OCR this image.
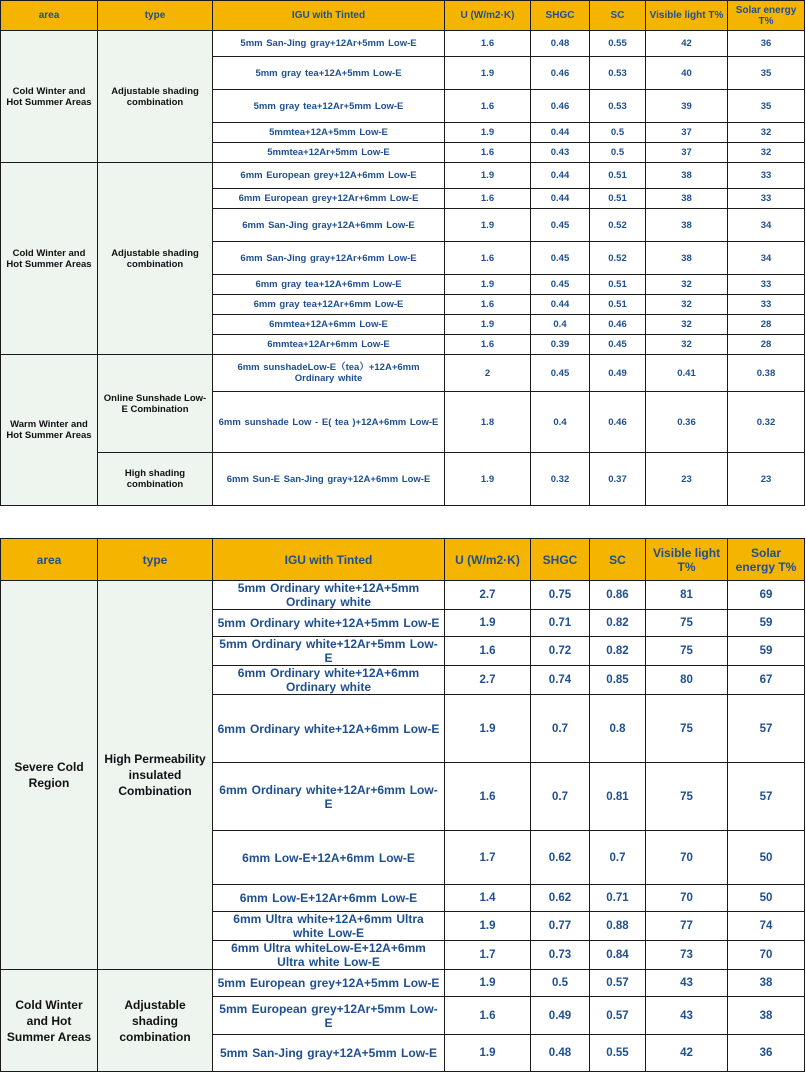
area	type	IGU with Tinted	U (W/m2·K)	SHGC	SC	Visible light T%	Solar energy T%
Cold Winter and Hot Summer Areas	Adjustable shading combination	5mm San-Jing gray+12Ar+5mm Low-E	1.6	0.48	0.55	42	36
		5mm gray tea+12A+5mm Low-E	1.9	0.46	0.53	40	35
		5mm gray tea+12Ar+5mm Low-E	1.6	0.46	0.53	39	35
		5mmtea+12A+5mm Low-E	1.9	0.44	0.5	37	32
		5mmtea+12Ar+5mm Low-E	1.6	0.43	0.5	37	32
Cold Winter and Hot Summer Areas	Adjustable shading combination	6mm European grey+12A+6mm Low-E	1.9	0.44	0.51	38	33
		6mm European grey+12Ar+6mm Low-E	1.6	0.44	0.51	38	33
		6mm San-Jing gray+12A+6mm Low-E	1.9	0.45	0.52	38	34
		6mm San-Jing gray+12Ar+6mm Low-E	1.6	0.45	0.52	38	34
		6mm gray tea+12A+6mm Low-E	1.9	0.45	0.51	32	33
		6mm gray tea+12Ar+6mm Low-E	1.6	0.44	0.51	32	33
		6mmtea+12A+6mm Low-E	1.9	0.4	0.46	32	28
		6mmtea+12Ar+6mm Low-E	1.6	0.39	0.45	32	28
Warm Winter and Hot Summer Areas	Online Sunshade Low-E Combination	6mm sunshadeLow-E（tea）+12A+6mm Ordinary white	2	0.45	0.49	0.41	0.38
		6mm sunshade Low - E( tea )+12A+6mm Low-E	1.8	0.4	0.46	0.36	0.32
	High shading combination	6mm Sun-E San-Jing gray+12A+6mm Low-E	1.9	0.32	0.37	23	23
area	type	IGU with Tinted	U (W/m2·K)	SHGC	SC	Visible light T%	Solar energy T%
Severe Cold Region	High Permeability insulated Combination	5mm Ordinary white+12A+5mm Ordinary white	2.7	0.75	0.86	81	69
		5mm Ordinary white+12A+5mm Low-E	1.9	0.71	0.82	75	59
		5mm Ordinary white+12Ar+5mm Low-E	1.6	0.72	0.82	75	59
		6mm Ordinary white+12A+6mm Ordinary white	2.7	0.74	0.85	80	67
		6mm Ordinary white+12A+6mm Low-E	1.9	0.7	0.8	75	57
		6mm Ordinary white+12Ar+6mm Low-E	1.6	0.7	0.81	75	57
		6mm Low-E+12A+6mm Low-E	1.7	0.62	0.7	70	50
		6mm Low-E+12Ar+6mm Low-E	1.4	0.62	0.71	70	50
		6mm Ultra white+12A+6mm Ultra white Low-E	1.9	0.77	0.88	77	74
		6mm Ultra whiteLow-E+12A+6mm Ultra white Low-E	1.7	0.73	0.84	73	70
Cold Winter and Hot Summer Areas	Adjustable shading combination	5mm European grey+12A+5mm Low-E	1.9	0.5	0.57	43	38
		5mm European grey+12Ar+5mm Low-E	1.6	0.49	0.57	43	38
		5mm San-Jing gray+12A+5mm Low-E	1.9	0.48	0.55	42	36
